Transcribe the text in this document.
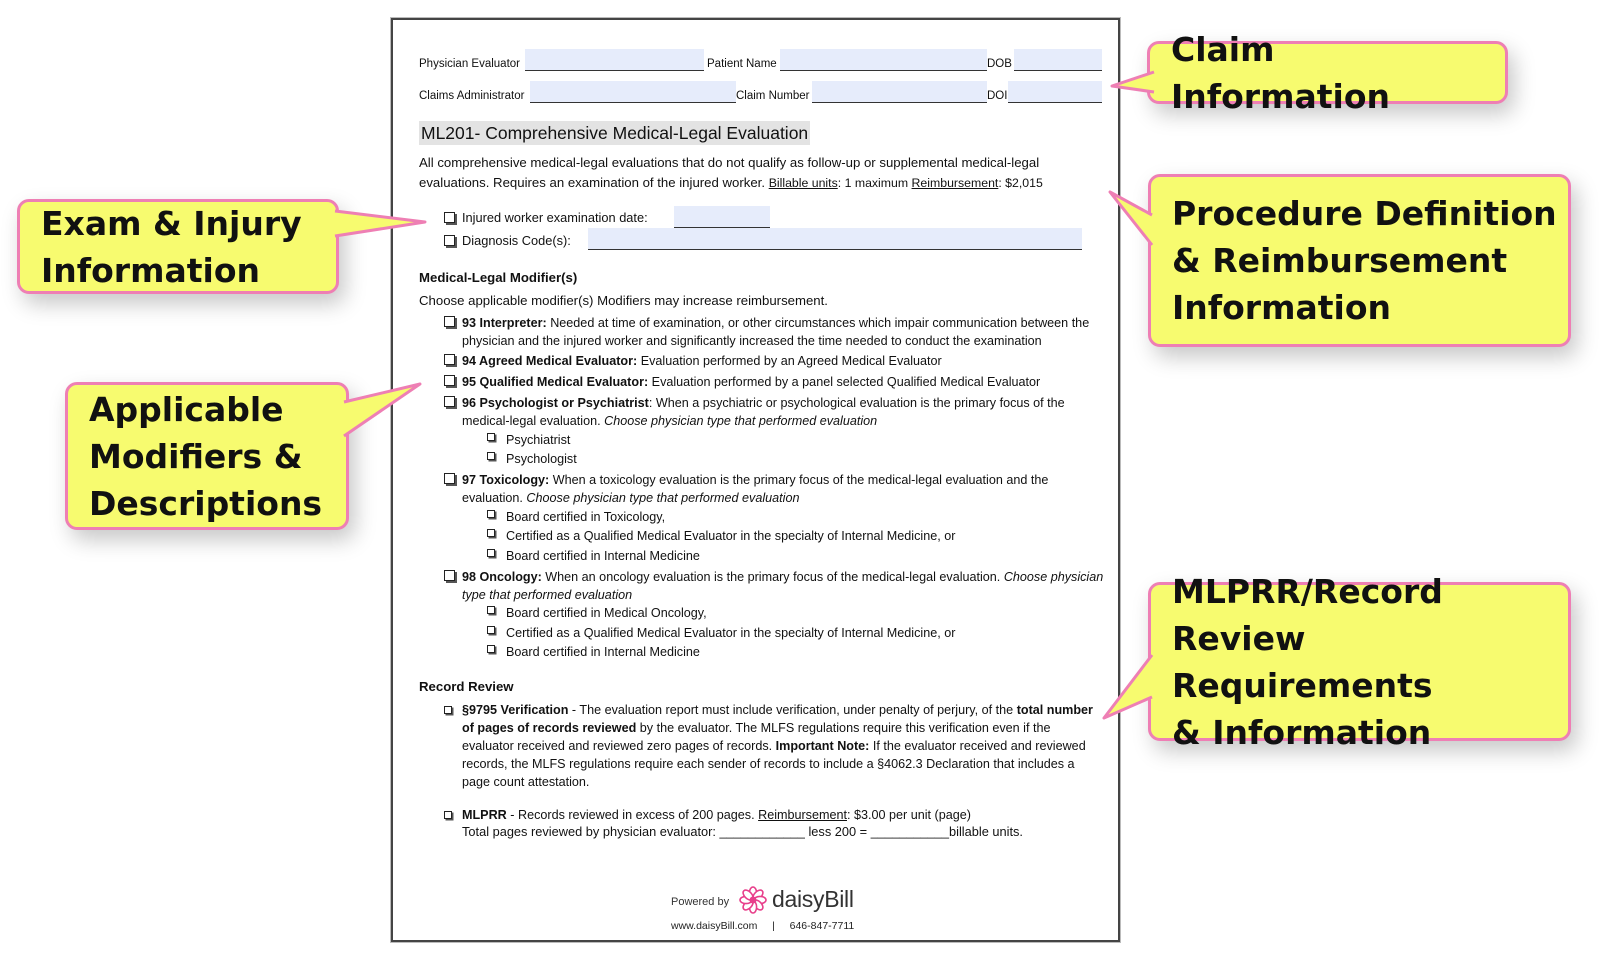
Physician Evaluator	Patient Name	DOB
Claims Administrator	Claim Number	DOI
ML201- Comprehensive Medical-Legal Evaluation
All comprehensive medical-legal evaluations that do not qualify as follow-up or supplemental medical-legal evaluations. Requires an examination of the injured worker. Billable units: 1 maximum Reimbursement: $2,015
Injured worker examination date:
Diagnosis Code(s):
Medical-Legal Modifier(s)
Choose applicable modifier(s) Modifiers may increase reimbursement.
93 Interpreter: Needed at time of examination, or other circumstances which impair communication between the physician and the injured worker and significantly increased the time needed to conduct the examination
94 Agreed Medical Evaluator: Evaluation performed by an Agreed Medical Evaluator
95 Qualified Medical Evaluator: Evaluation performed by a panel selected Qualified Medical Evaluator
96 Psychologist or Psychiatrist: When a psychiatric or psychological evaluation is the primary focus of the medical-legal evaluation. Choose physician type that performed evaluation
Psychiatrist
Psychologist
97 Toxicology: When a toxicology evaluation is the primary focus of the medical-legal evaluation and the evaluation. Choose physician type that performed evaluation
Board certified in Toxicology,
Certified as a Qualified Medical Evaluator in the specialty of Internal Medicine, or
Board certified in Internal Medicine
98 Oncology: When an oncology evaluation is the primary focus of the medical-legal evaluation. Choose physician type that performed evaluation
Board certified in Medical Oncology,
Certified as a Qualified Medical Evaluator in the specialty of Internal Medicine, or
Board certified in Internal Medicine
Record Review
§9795 Verification - The evaluation report must include verification, under penalty of perjury, of the total number of pages of records reviewed by the evaluator. The MLFS regulations require this verification even if the evaluator received and reviewed zero pages of records. Important Note: If the evaluator received and reviewed records, the MLFS regulations require each sender of records to include a §4062.3 Declaration that includes a page count attestation.
MLPRR - Records reviewed in excess of 200 pages. Reimbursement: $3.00 per unit (page)
Total pages reviewed by physician evaluator: ____________ less 200 = ___________billable units.
Powered by daisyBill
www.daisyBill.com | 646-847-7711
Claim Information
Exam & Injury
Information
Procedure Definition
& Reimbursement
Information
Applicable
Modifiers &
Descriptions
MLPRR/Record
Review Requirements
& Information
